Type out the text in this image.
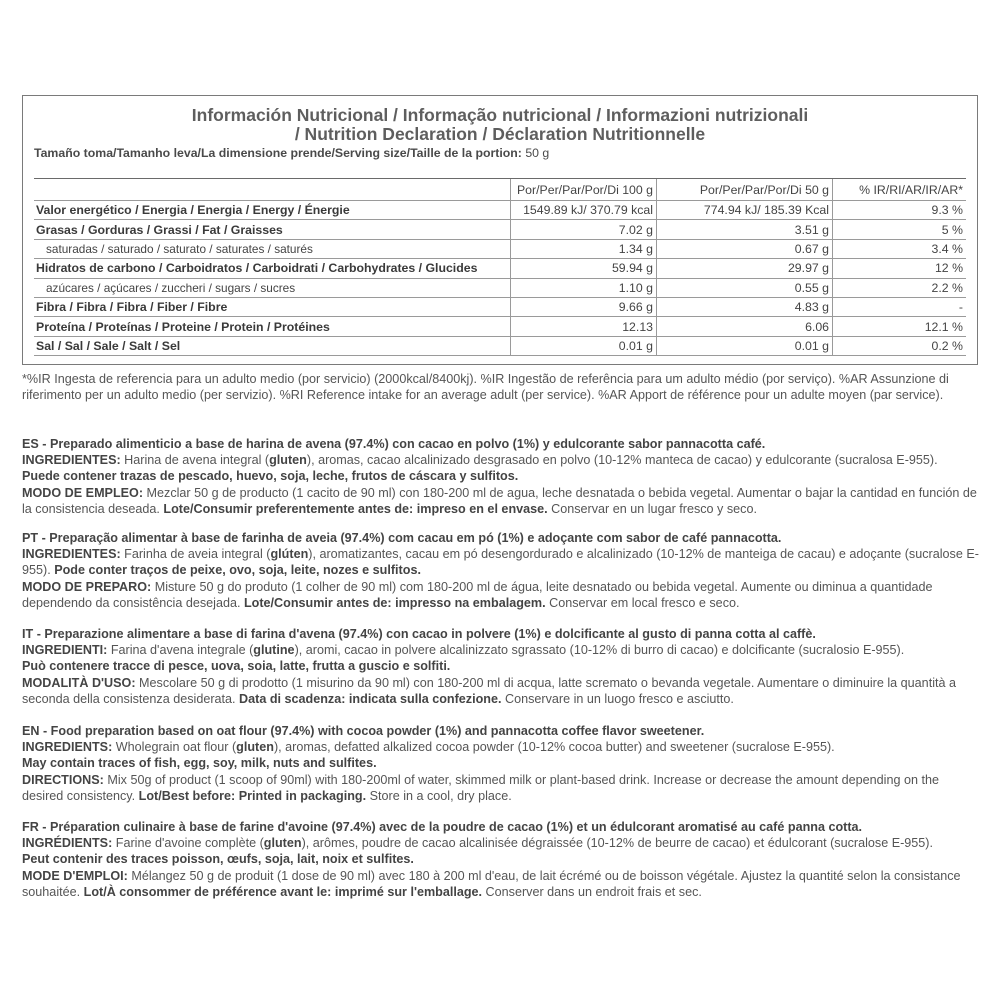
Información Nutricional / Informação nutricional / Informazioni nutrizionali
/ Nutrition Declaration / Déclaration Nutritionnelle
Tamaño toma/Tamanho leva/La dimensione prende/Serving size/Taille de la portion: 50 g
	Por/Per/Par/Por/Di 100 g	Por/Per/Par/Por/Di 50 g	% IR/RI/AR/IR/AR*
Valor energético / Energia / Energia / Energy / Énergie	1549.89 kJ/ 370.79 kcal	774.94 kJ/ 185.39 Kcal	9.3 %
Grasas / Gorduras / Grassi / Fat / Graisses	7.02 g	3.51 g	5 %
saturadas / saturado / saturato / saturates / saturés	1.34 g	0.67 g	3.4 %
Hidratos de carbono / Carboidratos / Carboidrati / Carbohydrates / Glucides	59.94 g	29.97 g	12 %
azúcares / açúcares / zuccheri / sugars / sucres	1.10 g	0.55 g	2.2 %
Fibra / Fibra / Fibra / Fiber / Fibre	9.66 g	4.83 g	-
Proteína / Proteínas / Proteine / Protein / Protéines	12.13	6.06	12.1 %
Sal / Sal / Sale / Salt / Sel	0.01 g	0.01 g	0.2 %
*%IR Ingesta de referencia para un adulto medio (por servicio) (2000kcal/8400kj). %IR Ingestão de referência para um adulto médio (por serviço). %AR Assunzione di riferimento per un adulto medio (per servizio). %RI Reference intake for an average adult (per service). %AR Apport de référence pour un adulte moyen (par service).

ES - Preparado alimenticio a base de harina de avena (97.4%) con cacao en polvo (1%) y edulcorante sabor pannacotta café.

INGREDIENTES: Harina de avena integral (gluten), aromas, cacao alcalinizado desgrasado en polvo (10-12% manteca de cacao) y edulcorante (sucralosa E-955).

Puede contener trazas de pescado, huevo, soja, leche, frutos de cáscara y sulfitos.

MODO DE EMPLEO: Mezclar 50 g de producto (1 cacito de 90 ml) con 180-200 ml de agua, leche desnatada o bebida vegetal. Aumentar o bajar la cantidad en función de la consistencia deseada. Lote/Consumir preferentemente antes de: impreso en el envase. Conservar en un lugar fresco y seco.

PT - Preparação alimentar à base de farinha de aveia (97.4%) com cacau em pó (1%) e adoçante com sabor de café pannacotta.

INGREDIENTES: Farinha de aveia integral (glúten), aromatizantes, cacau em pó desengordurado e alcalinizado (10-12% de manteiga de cacau) e adoçante (sucralose E-955). Pode conter traços de peixe, ovo, soja, leite, nozes e sulfitos.

MODO DE PREPARO: Misture 50 g do produto (1 colher de 90 ml) com 180-200 ml de água, leite desnatado ou bebida vegetal. Aumente ou diminua a quantidade dependendo da consistência desejada. Lote/Consumir antes de: impresso na embalagem. Conservar em local fresco e seco.

IT - Preparazione alimentare a base di farina d'avena (97.4%) con cacao in polvere (1%) e dolcificante al gusto di panna cotta al caffè.

INGREDIENTI: Farina d'avena integrale (glutine), aromi, cacao in polvere alcalinizzato sgrassato (10-12% di burro di cacao) e dolcificante (sucralosio E-955).

Può contenere tracce di pesce, uova, soia, latte, frutta a guscio e solfiti.

MODALITÀ D'USO: Mescolare 50 g di prodotto (1 misurino da 90 ml) con 180-200 ml di acqua, latte scremato o bevanda vegetale. Aumentare o diminuire la quantità a seconda della consistenza desiderata. Data di scadenza: indicata sulla confezione. Conservare in un luogo fresco e asciutto.

EN - Food preparation based on oat flour (97.4%) with cocoa powder (1%) and pannacotta coffee flavor sweetener.

INGREDIENTS: Wholegrain oat flour (gluten), aromas, defatted alkalized cocoa powder (10-12% cocoa butter) and sweetener (sucralose E-955).

May contain traces of fish, egg, soy, milk, nuts and sulfites.

DIRECTIONS: Mix 50g of product (1 scoop of 90ml) with 180-200ml of water, skimmed milk or plant-based drink. Increase or decrease the amount depending on the desired consistency. Lot/Best before: Printed in packaging. Store in a cool, dry place.

FR - Préparation culinaire à base de farine d'avoine (97.4%) avec de la poudre de cacao (1%) et un édulcorant aromatisé au café panna cotta.

INGRÉDIENTS: Farine d'avoine complète (gluten), arômes, poudre de cacao alcalinisée dégraissée (10-12% de beurre de cacao) et édulcorant (sucralose E-955).

Peut contenir des traces poisson, œufs, soja, lait, noix et sulfites.

MODE D'EMPLOI: Mélangez 50 g de produit (1 dose de 90 ml) avec 180 à 200 ml d'eau, de lait écrémé ou de boisson végétale. Ajustez la quantité selon la consistance souhaitée. Lot/À consommer de préférence avant le: imprimé sur l'emballage. Conserver dans un endroit frais et sec.
